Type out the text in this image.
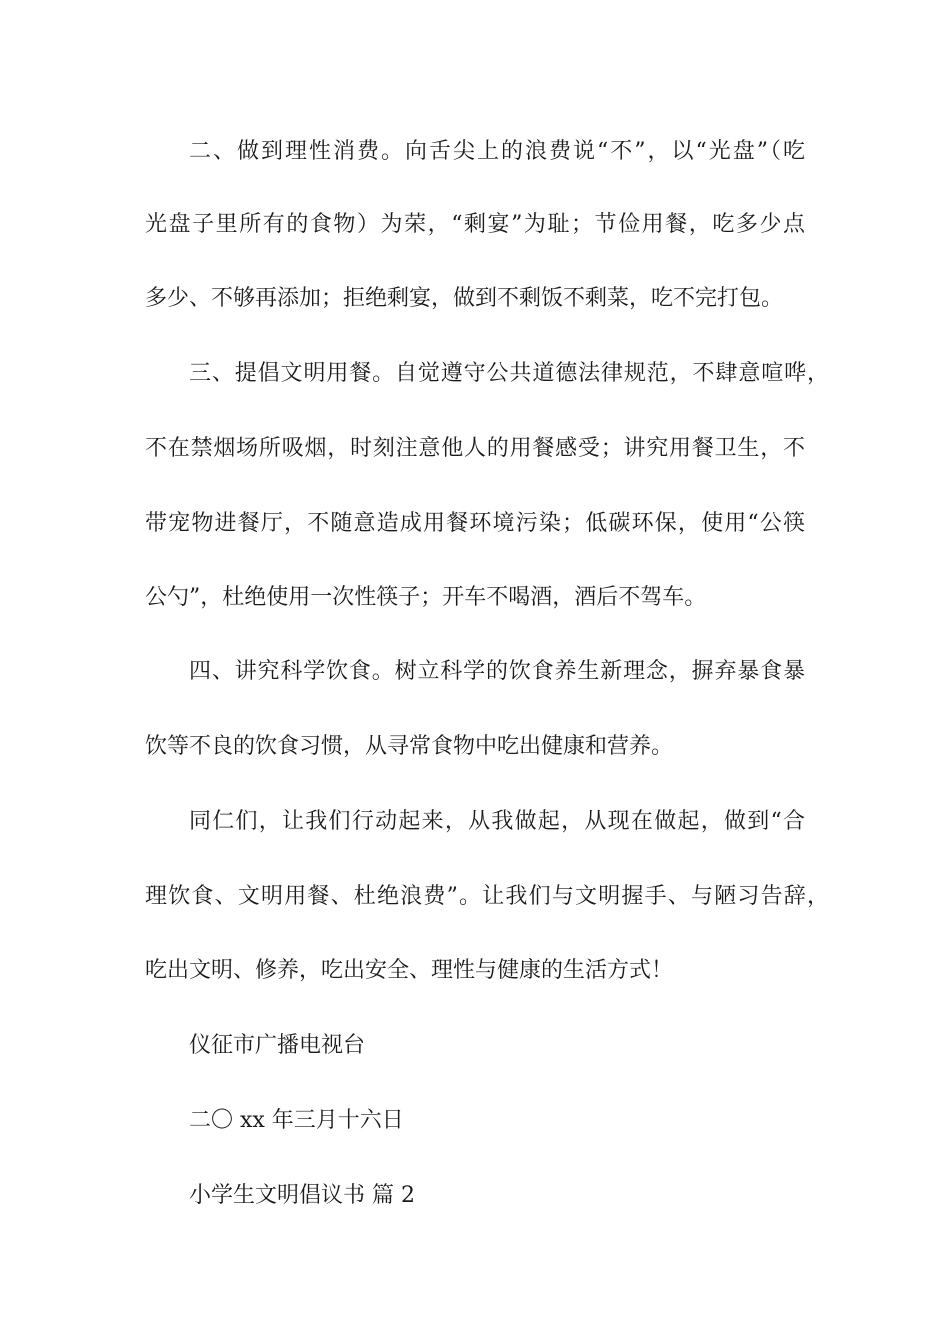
二、做到理性消费。向舌尖上的浪费说“不”，以“光盘”（吃
光盘子里所有的食物）为荣，“剩宴”为耻；节俭用餐，吃多少点
多少、不够再添加；拒绝剩宴，做到不剩饭不剩菜，吃不完打包。
三、提倡文明用餐。自觉遵守公共道德法律规范，不肆意喧哗，
不在禁烟场所吸烟，时刻注意他人的用餐感受；讲究用餐卫生，不
带宠物进餐厅，不随意造成用餐环境污染；低碳环保，使用“公筷
公勺”，杜绝使用一次性筷子；开车不喝酒，酒后不驾车。
四、讲究科学饮食。树立科学的饮食养生新理念，摒弃暴食暴
饮等不良的饮食习惯，从寻常食物中吃出健康和营养。
同仁们，让我们行动起来，从我做起，从现在做起，做到“合
理饮食、文明用餐、杜绝浪费”。让我们与文明握手、与陋习告辞，
吃出文明、修养，吃出安全、理性与健康的生活方式！
仪征市广播电视台
二〇 xx 年三月十六日
小学生文明倡议书 篇 2
